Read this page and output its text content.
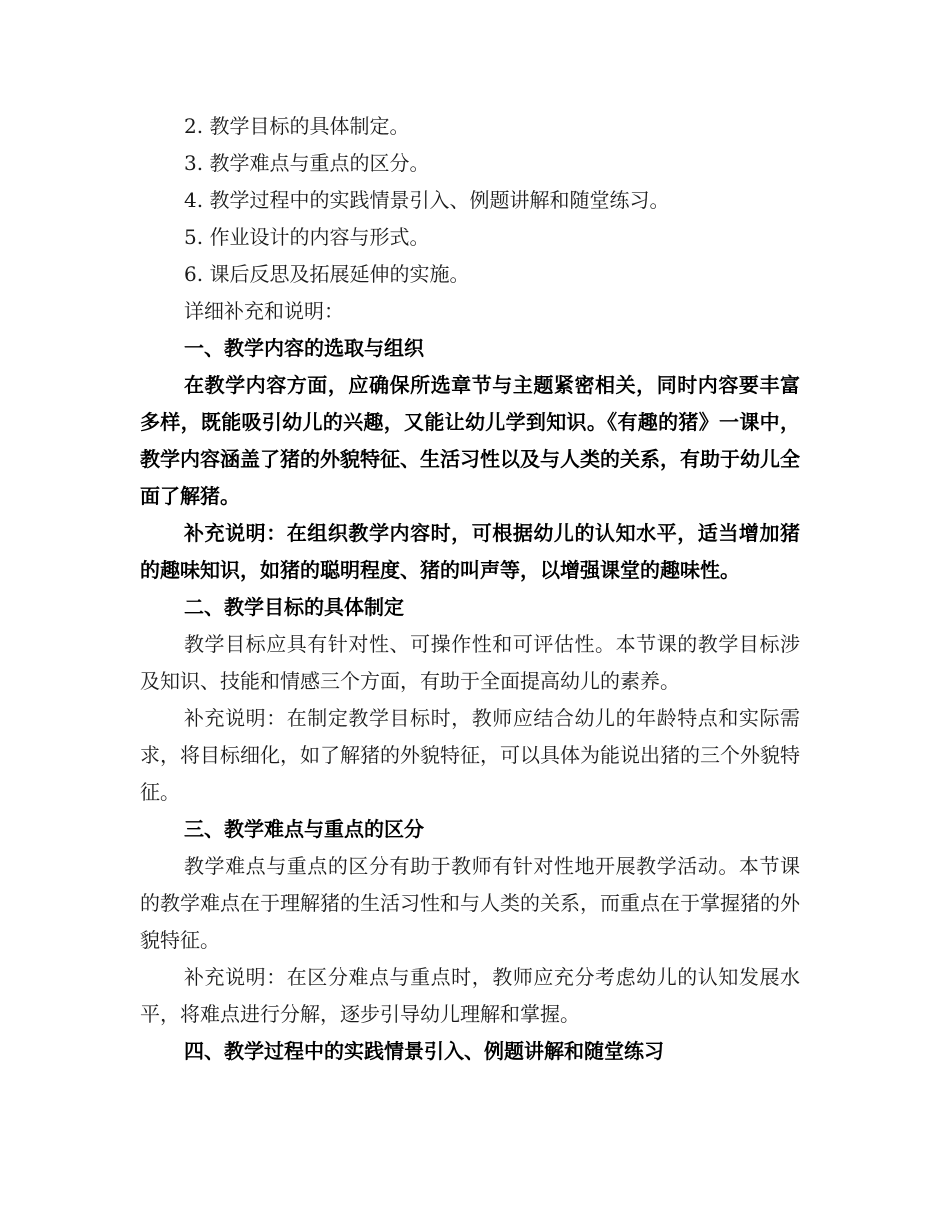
2. 教学目标的具体制定。
3. 教学难点与重点的区分。
4. 教学过程中的实践情景引入、例题讲解和随堂练习。
5. 作业设计的内容与形式。
6. 课后反思及拓展延伸的实施。
详细补充和说明：
一、教学内容的选取与组织

在教学内容方面，应确保所选章节与主题紧密相关，同时内容要丰富多样，既能吸引幼儿的兴趣，又能让幼儿学到知识。《有趣的猪》一课中，教学内容涵盖了猪的外貌特征、生活习性以及与人类的关系，有助于幼儿全面了解猪。

补充说明：在组织教学内容时，可根据幼儿的认知水平，适当增加猪的趣味知识，如猪的聪明程度、猪的叫声等，以增强课堂的趣味性。

二、教学目标的具体制定

教学目标应具有针对性、可操作性和可评估性。本节课的教学目标涉及知识、技能和情感三个方面，有助于全面提高幼儿的素养。

补充说明：在制定教学目标时，教师应结合幼儿的年龄特点和实际需求，将目标细化，如了解猪的外貌特征，可以具体为能说出猪的三个外貌特征。

三、教学难点与重点的区分

教学难点与重点的区分有助于教师有针对性地开展教学活动。本节课的教学难点在于理解猪的生活习性和与人类的关系，而重点在于掌握猪的外貌特征。

补充说明：在区分难点与重点时，教师应充分考虑幼儿的认知发展水平，将难点进行分解，逐步引导幼儿理解和掌握。

四、教学过程中的实践情景引入、例题讲解和随堂练习
